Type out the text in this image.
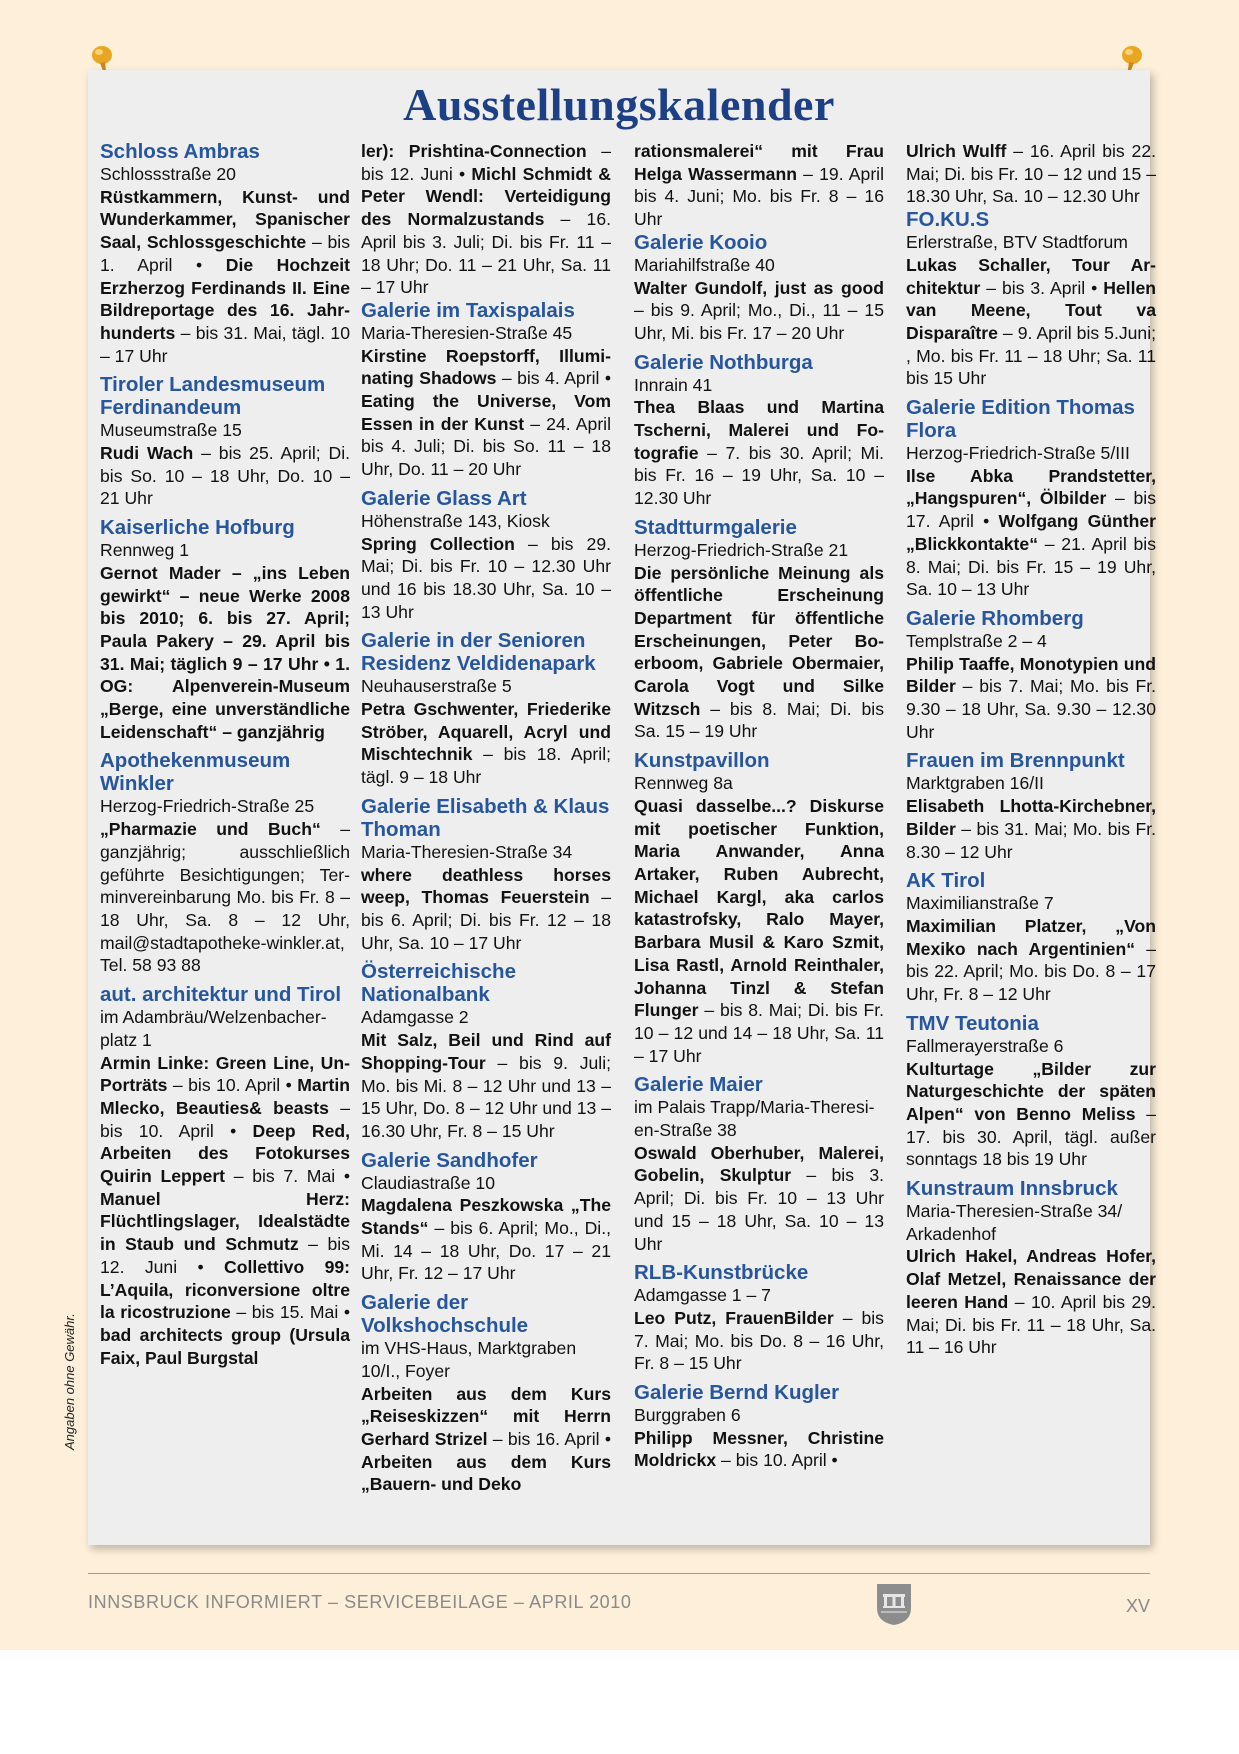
Ausstellungskalender
Schloss Ambras

Schlossstraße 20

Rüstkammern, Kunst- und Wunderkammer, Spanischer Saal, Schlossgeschichte – bis 1. April • Die Hochzeit Erzherzog Ferdinands II. Eine Bildreportage des 16. Jahrhunderts – bis 31. Mai, tägl. 10 – 17 Uhr

Tiroler Landesmuseum Ferdinandeum

Museumstraße 15

Rudi Wach – bis 25. April; Di. bis So. 10 – 18 Uhr, Do. 10 – 21 Uhr

Kaiserliche Hofburg

Rennweg 1

Gernot Mader – „ins Leben gewirkt“ – neue Werke 2008 bis 2010; 6. bis 27. April; Paula Pakery – 29. April bis 31. Mai; täglich 9 – 17 Uhr • 1. OG: Alpenverein-Museum „Berge, eine unverständliche Leidenschaft“ – ganzjährig

Apothekenmuseum Winkler

Herzog-Friedrich-Straße 25

„Pharmazie und Buch“ – ganzjährig; ausschließlich geführte Besichtigungen; Terminvereinbarung Mo. bis Fr. 8 – 18 Uhr, Sa. 8 – 12 Uhr, mail@stadtapotheke-winkler.at, Tel. 58 93 88

aut. architektur und Tirol

im Adambräu/Welzenbacherplatz 1

Armin Linke: Green Line, Un-Porträts – bis 10. April • Martin Mlecko, Beauties& beasts – bis 10. April • Deep Red, Arbeiten des Fotokurses Quirin Leppert – bis 7. Mai • Manuel Herz: Flüchtlingslager, Idealstädte in Staub und Schmutz – bis 12. Juni • Collettivo 99: L’Aquila, riconversione oltre la ricostruzione – bis 15. Mai • bad architects group (Ursula Faix, Paul Burgstal

ler): Prishtina-Connection – bis 12. Juni • Michl Schmidt & Peter Wendl: Verteidigung des Normalzustands – 16. April bis 3. Juli; Di. bis Fr. 11 – 18 Uhr; Do. 11 – 21 Uhr, Sa. 11 – 17 Uhr

Galerie im Taxispalais

Maria-Theresien-Straße 45

Kirstine Roepstorff, Illuminating Shadows – bis 4. April • Eating the Universe, Vom Essen in der Kunst – 24. April bis 4. Juli; Di. bis So. 11 – 18 Uhr, Do. 11 – 20 Uhr

Galerie Glass Art

Höhenstraße 143, Kiosk

Spring Collection – bis 29. Mai; Di. bis Fr. 10 – 12.30 Uhr und 16 bis 18.30 Uhr, Sa. 10 – 13 Uhr

Galerie in der Senioren Residenz Veldidenapark

Neuhauserstraße 5

Petra Gschwenter, Friederike Ströber, Aquarell, Acryl und Mischtechnik – bis 18. April; tägl. 9 – 18 Uhr

Galerie Elisabeth & Klaus Thoman

Maria-Theresien-Straße 34

where deathless horses weep, Thomas Feuerstein – bis 6. April; Di. bis Fr. 12 – 18 Uhr, Sa. 10 – 17 Uhr

Österreichische Nationalbank

Adamgasse 2

Mit Salz, Beil und Rind auf Shopping-Tour – bis 9. Juli; Mo. bis Mi. 8 – 12 Uhr und 13 – 15 Uhr, Do. 8 – 12 Uhr und 13 – 16.30 Uhr, Fr. 8 – 15 Uhr

Galerie Sandhofer

Claudiastraße 10

Magdalena Peszkowska „The Stands“ – bis 6. April; Mo., Di., Mi. 14 – 18 Uhr, Do. 17 – 21 Uhr, Fr. 12 – 17 Uhr

Galerie der Volkshochschule

im VHS-Haus, Marktgraben 10/I., Foyer

Arbeiten aus dem Kurs „Reiseskizzen“ mit Herrn Gerhard Strizel – bis 16. April • Arbeiten aus dem Kurs „Bauern- und Deko

rationsmalerei“ mit Frau Helga Wassermann – 19. April bis 4. Juni; Mo. bis Fr. 8 – 16 Uhr

Galerie Kooio

Mariahilfstraße 40

Walter Gundolf, just as good – bis 9. April; Mo., Di., 11 – 15 Uhr, Mi. bis Fr. 17 – 20 Uhr

Galerie Nothburga

Innrain 41

Thea Blaas und Martina Tscherni, Malerei und Fotografie – 7. bis 30. April; Mi. bis Fr. 16 – 19 Uhr, Sa. 10 – 12.30 Uhr

Stadtturmgalerie

Herzog-Friedrich-Straße 21

Die persönliche Meinung als öffentliche Erscheinung Department für öffentliche Erscheinungen, Peter Boerboom, Gabriele Obermaier, Carola Vogt und Silke Witzsch – bis 8. Mai; Di. bis Sa. 15 – 19 Uhr

Kunstpavillon

Rennweg 8a

Quasi dasselbe...? Diskurse mit poetischer Funktion, Maria Anwander, Anna Artaker, Ruben Aubrecht, Michael Kargl, aka carlos katastrofsky, Ralo Mayer, Barbara Musil & Karo Szmit, Lisa Rastl, Arnold Reinthaler, Johanna Tinzl & Stefan Flunger – bis 8. Mai; Di. bis Fr. 10 – 12 und 14 – 18 Uhr, Sa. 11 – 17 Uhr

Galerie Maier

im Palais Trapp/Maria-Theresien-Straße 38

Oswald Oberhuber, Malerei, Gobelin, Skulptur – bis 3. April; Di. bis Fr. 10 – 13 Uhr und 15 – 18 Uhr, Sa. 10 – 13 Uhr

RLB-Kunstbrücke

Adamgasse 1 – 7

Leo Putz, FrauenBilder – bis 7. Mai; Mo. bis Do. 8 – 16 Uhr, Fr. 8 – 15 Uhr

Galerie Bernd Kugler

Burggraben 6

Philipp Messner, Christine Moldrickx – bis 10. April •

Ulrich Wulff – 16. April bis 22. Mai; Di. bis Fr. 10 – 12 und 15 – 18.30 Uhr, Sa. 10 – 12.30 Uhr

FO.KU.S

Erlerstraße, BTV Stadtforum

Lukas Schaller, Tour Architektur – bis 3. April • Hellen van Meene, Tout va Disparaître – 9. April bis 5.Juni; , Mo. bis Fr. 11 – 18 Uhr; Sa. 11 bis 15 Uhr

Galerie Edition Thomas Flora

Herzog-Friedrich-Straße 5/III

Ilse Abka Prandstetter, „Hangspuren“, Ölbilder – bis 17. April • Wolfgang Günther „Blickkontakte“ – 21. April bis 8. Mai; Di. bis Fr. 15 – 19 Uhr, Sa. 10 – 13 Uhr

Galerie Rhomberg

Templstraße 2 – 4

Philip Taaffe, Monotypien und Bilder – bis 7. Mai; Mo. bis Fr. 9.30 – 18 Uhr, Sa. 9.30 – 12.30 Uhr

Frauen im Brennpunkt

Marktgraben 16/II

Elisabeth Lhotta-Kirchebner, Bilder – bis 31. Mai; Mo. bis Fr. 8.30 – 12 Uhr

AK Tirol

Maximilianstraße 7

Maximilian Platzer, „Von Mexiko nach Argentinien“ – bis 22. April; Mo. bis Do. 8 – 17 Uhr, Fr. 8 – 12 Uhr

TMV Teutonia

Fallmerayerstraße 6

Kulturtage „Bilder zur Naturgeschichte der späten Alpen“ von Benno Meliss – 17. bis 30. April, tägl. außer sonntags 18 bis 19 Uhr

Kunstraum Innsbruck

Maria-Theresien-Straße 34/ Arkadenhof

Ulrich Hakel, Andreas Hofer, Olaf Metzel, Renaissance der leeren Hand – 10. April bis 29. Mai; Di. bis Fr. 11 – 18 Uhr, Sa. 11 – 16 Uhr

Angaben ohne Gewähr.
INNSBRUCK INFORMIERT – SERVICEBEILAGE – APRIL 2010	XV
